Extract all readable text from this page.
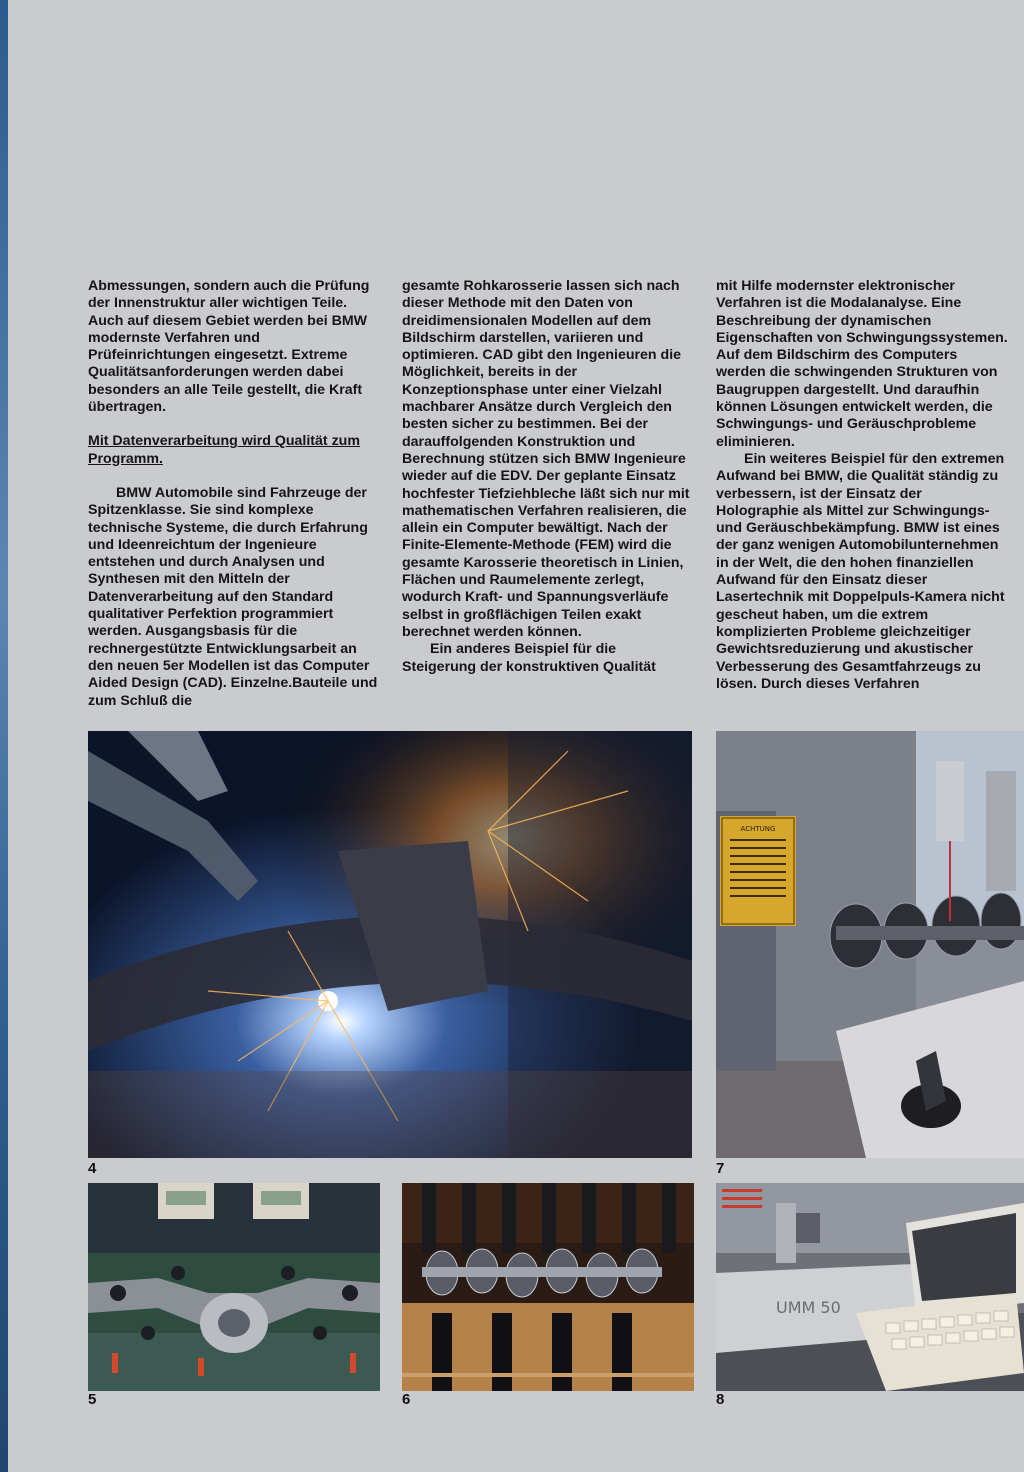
Abmessungen, sondern auch die Prüfung der Innenstruktur aller wichtigen Teile. Auch auf diesem Gebiet werden bei BMW modernste Verfahren und Prüfeinrichtungen eingesetzt. Extreme Qualitätsanforderungen werden dabei besonders an alle Teile gestellt, die Kraft übertragen.

Mit Datenverarbeitung wird Qualität zum Programm.

BMW Automobile sind Fahrzeuge der Spitzenklasse. Sie sind komplexe technische Systeme, die durch Erfahrung und Ideenreichtum der Ingenieure entstehen und durch Analysen und Synthesen mit den Mitteln der Datenverarbeitung auf den Standard qualitativer Perfektion programmiert werden. Ausgangsbasis für die rechnergestützte Entwicklungsarbeit an den neuen 5er Modellen ist das Computer Aided Design (CAD). Einzelne.Bauteile und zum Schluß die

gesamte Rohkarosserie lassen sich nach dieser Methode mit den Daten von dreidimensionalen Modellen auf dem Bildschirm darstellen, variieren und optimieren. CAD gibt den Ingenieuren die Möglichkeit, bereits in der Konzeptionsphase unter einer Vielzahl machbarer Ansätze durch Vergleich den besten sicher zu bestimmen. Bei der darauffolgenden Konstruktion und Berechnung stützen sich BMW Ingenieure wieder auf die EDV. Der geplante Einsatz hochfester Tiefziehbleche läßt sich nur mit mathematischen Verfahren realisieren, die allein ein Computer bewältigt. Nach der Finite-Elemente-Methode (FEM) wird die gesamte Karosserie theoretisch in Linien, Flächen und Raumelemente zerlegt, wodurch Kraft- und Spannungsverläufe selbst in großflächigen Teilen exakt berechnet werden können.

Ein anderes Beispiel für die Steigerung der konstruktiven Qualität

mit Hilfe modernster elektronischer Verfahren ist die Modalanalyse. Eine Beschreibung der dynamischen Eigenschaften von Schwingungssystemen. Auf dem Bildschirm des Computers werden die schwingenden Strukturen von Baugruppen dargestellt. Und daraufhin können Lösungen entwickelt werden, die Schwingungs- und Geräuschprobleme eliminieren.

Ein weiteres Beispiel für den extremen Aufwand bei BMW, die Qualität ständig zu verbessern, ist der Einsatz der Holographie als Mittel zur Schwingungs- und Geräuschbekämpfung. BMW ist eines der ganz wenigen Automobilunternehmen in der Welt, die den hohen finanziellen Aufwand für den Einsatz dieser Lasertechnik mit Doppelpuls-Kamera nicht gescheut haben, um die extrem komplizierten Probleme gleichzeitiger Gewichtsreduzierung und akustischer Verbesserung des Gesamtfahrzeugs zu lösen. Durch dieses Verfahren

4
ACHTUNG
7
5	6
UMM 50
8
